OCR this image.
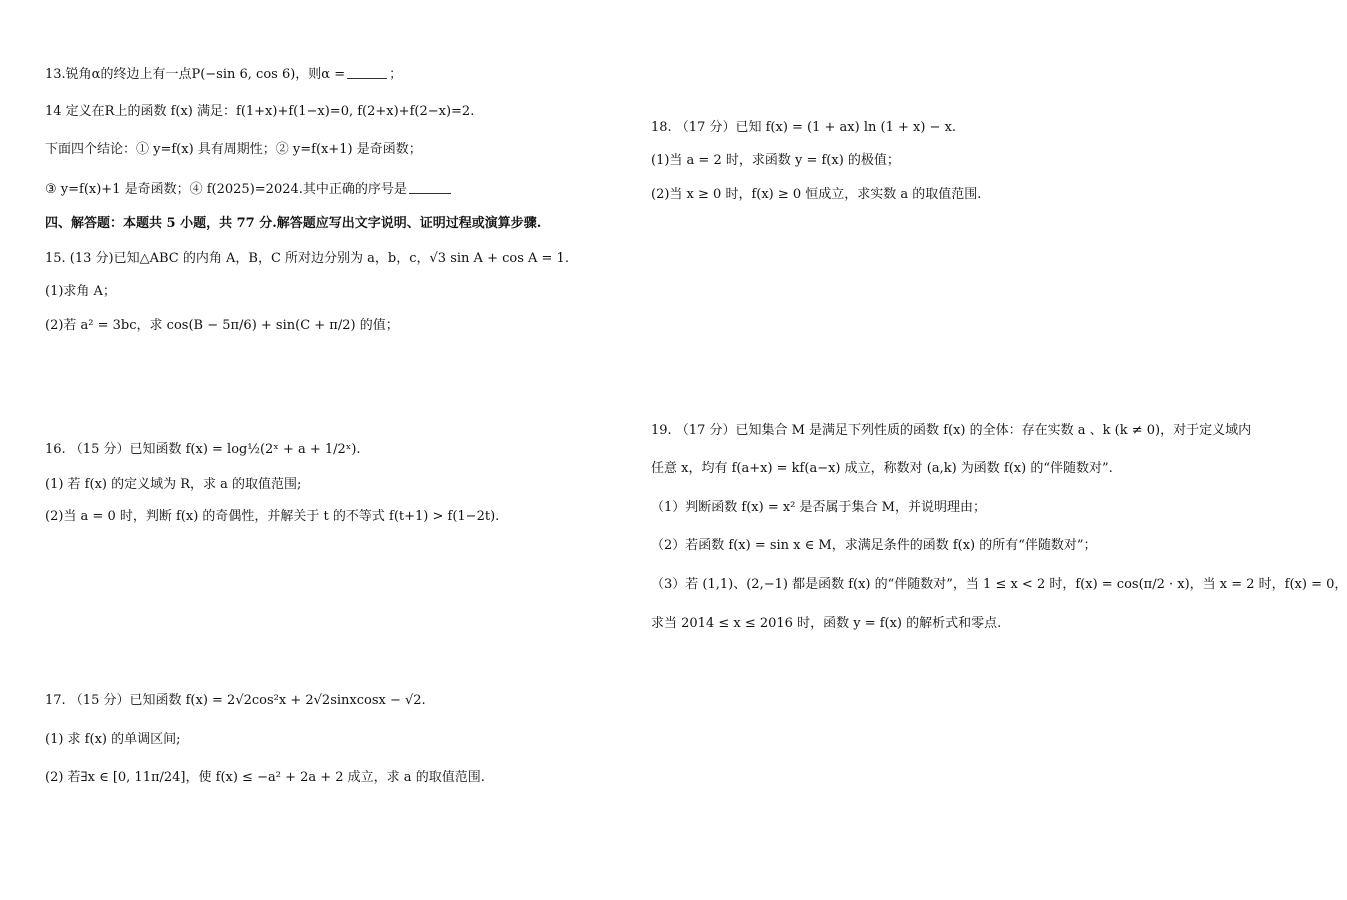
13.锐角α的终边上有一点P(−sin 6, cos 6)，则α =	；
14 定义在R上的函数 f(x) 满足：f(1+x)+f(1−x)=0, f(2+x)+f(2−x)=2.
下面四个结论：① y=f(x) 具有周期性；② y=f(x+1) 是奇函数；
③ y=f(x)+1 是奇函数；④ f(2025)=2024.其中正确的序号是
四、解答题：本题共 5 小题，共 77 分.解答题应写出文字说明、证明过程或演算步骤.
15. (13 分)已知△ABC 的内角 A，B，C 所对边分别为 a，b，c，√3 sin A + cos A = 1.
(1)求角 A；
(2)若 a² = 3bc，求 cos(B − 5π/6) + sin(C + π/2) 的值；
16. （15 分）已知函数 f(x) = log½(2ˣ + a + 1/2ˣ).
(1) 若 f(x) 的定义域为 R，求 a 的取值范围;
(2)当 a = 0 时，判断 f(x) 的奇偶性，并解关于 t 的不等式 f(t+1) > f(1−2t).
17. （15 分）已知函数 f(x) = 2√2cos²x + 2√2sinxcosx − √2.
(1) 求 f(x) 的单调区间;
(2) 若∃x ∈ [0, 11π/24]，使 f(x) ≤ −a² + 2a + 2 成立，求 a 的取值范围.
18. （17 分）已知 f(x) = (1 + ax) ln (1 + x) − x.
(1)当 a = 2 时，求函数 y = f(x) 的极值；
(2)当 x ≥ 0 时，f(x) ≥ 0 恒成立，求实数 a 的取值范围.
19. （17 分）已知集合 M 是满足下列性质的函数 f(x) 的全体：存在实数 a 、k (k ≠ 0)，对于定义域内
任意 x，均有 f(a+x) = kf(a−x) 成立，称数对 (a,k) 为函数 f(x) 的“伴随数对”.
（1）判断函数 f(x) = x² 是否属于集合 M，并说明理由；
（2）若函数 f(x) = sin x ∈ M，求满足条件的函数 f(x) 的所有“伴随数对”；
（3）若 (1,1)、(2,−1) 都是函数 f(x) 的“伴随数对”，当 1 ≤ x < 2 时，f(x) = cos(π/2 · x)，当 x = 2 时，f(x) = 0，
求当 2014 ≤ x ≤ 2016 时，函数 y = f(x) 的解析式和零点.
